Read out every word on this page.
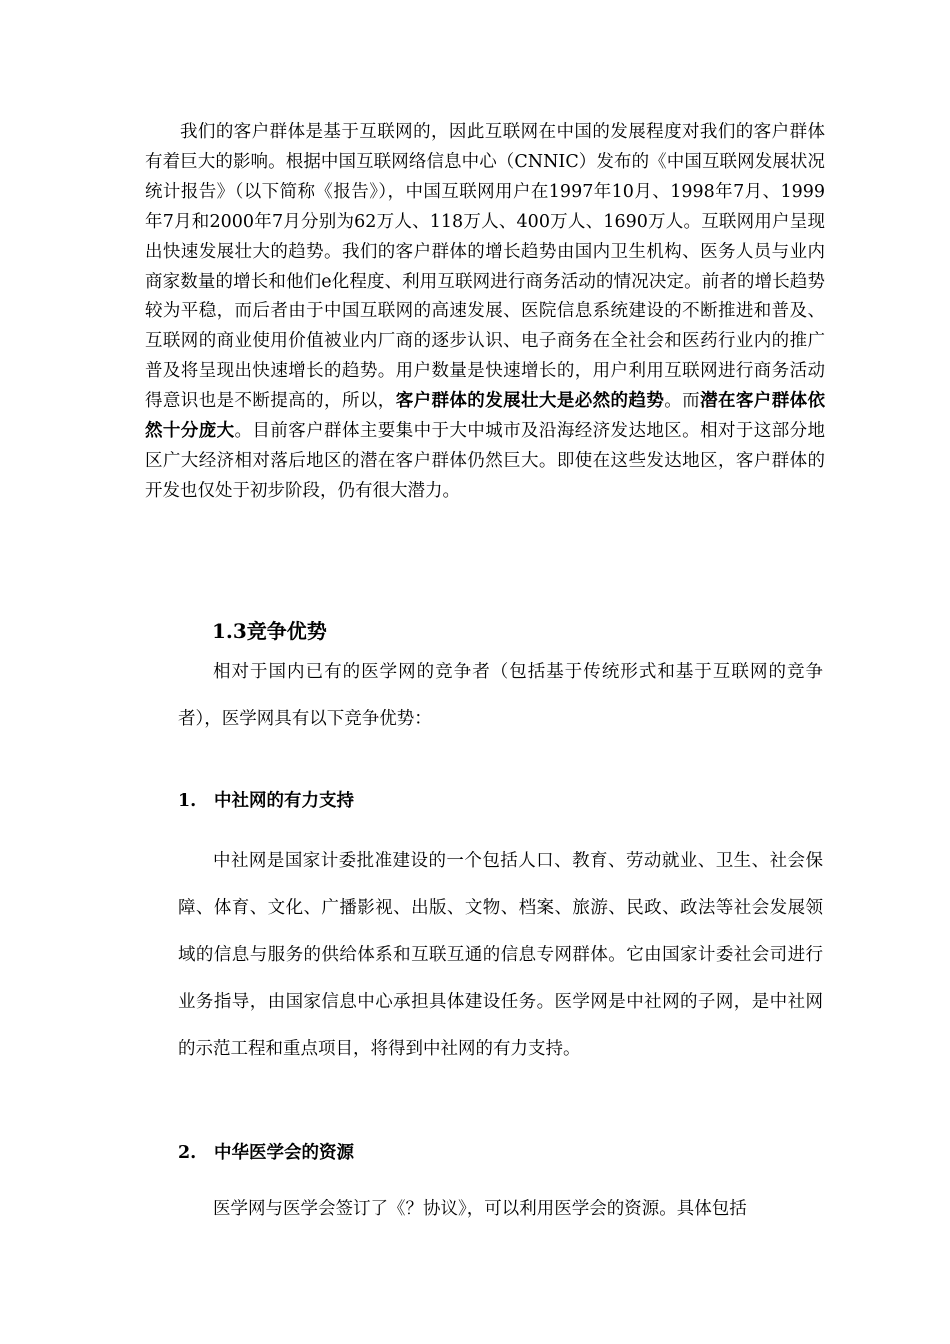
我们的客户群体是基于互联网的，因此互联网在中国的发展程度对我们的客户群体有着巨大的影响。根据中国互联网络信息中心（CNNIC）发布的《中国互联网发展状况统计报告》（以下简称《报告》），中国互联网用户在1997年10月、1998年7月、1999年7月和2000年7月分别为62万人、118万人、400万人、1690万人。互联网用户呈现出快速发展壮大的趋势。我们的客户群体的增长趋势由国内卫生机构、医务人员与业内商家数量的增长和他们e化程度、利用互联网进行商务活动的情况决定。前者的增长趋势较为平稳，而后者由于中国互联网的高速发展、医院信息系统建设的不断推进和普及、互联网的商业使用价值被业内厂商的逐步认识、电子商务在全社会和医药行业内的推广普及将呈现出快速增长的趋势。用户数量是快速增长的，用户利用互联网进行商务活动得意识也是不断提高的，所以，客户群体的发展壮大是必然的趋势。而潜在客户群体依然十分庞大。目前客户群体主要集中于大中城市及沿海经济发达地区。相对于这部分地区广大经济相对落后地区的潜在客户群体仍然巨大。即使在这些发达地区，客户群体的开发也仅处于初步阶段，仍有很大潜力。

1.3竞争优势

相对于国内已有的医学网的竞争者（包括基于传统形式和基于互联网的竞争者），医学网具有以下竞争优势：

1. 中社网的有力支持

中社网是国家计委批准建设的一个包括人口、教育、劳动就业、卫生、社会保障、体育、文化、广播影视、出版、文物、档案、旅游、民政、政法等社会发展领域的信息与服务的供给体系和互联互通的信息专网群体。它由国家计委社会司进行业务指导，由国家信息中心承担具体建设任务。医学网是中社网的子网，是中社网的示范工程和重点项目，将得到中社网的有力支持。

2. 中华医学会的资源

医学网与医学会签订了《？协议》，可以利用医学会的资源。具体包括
